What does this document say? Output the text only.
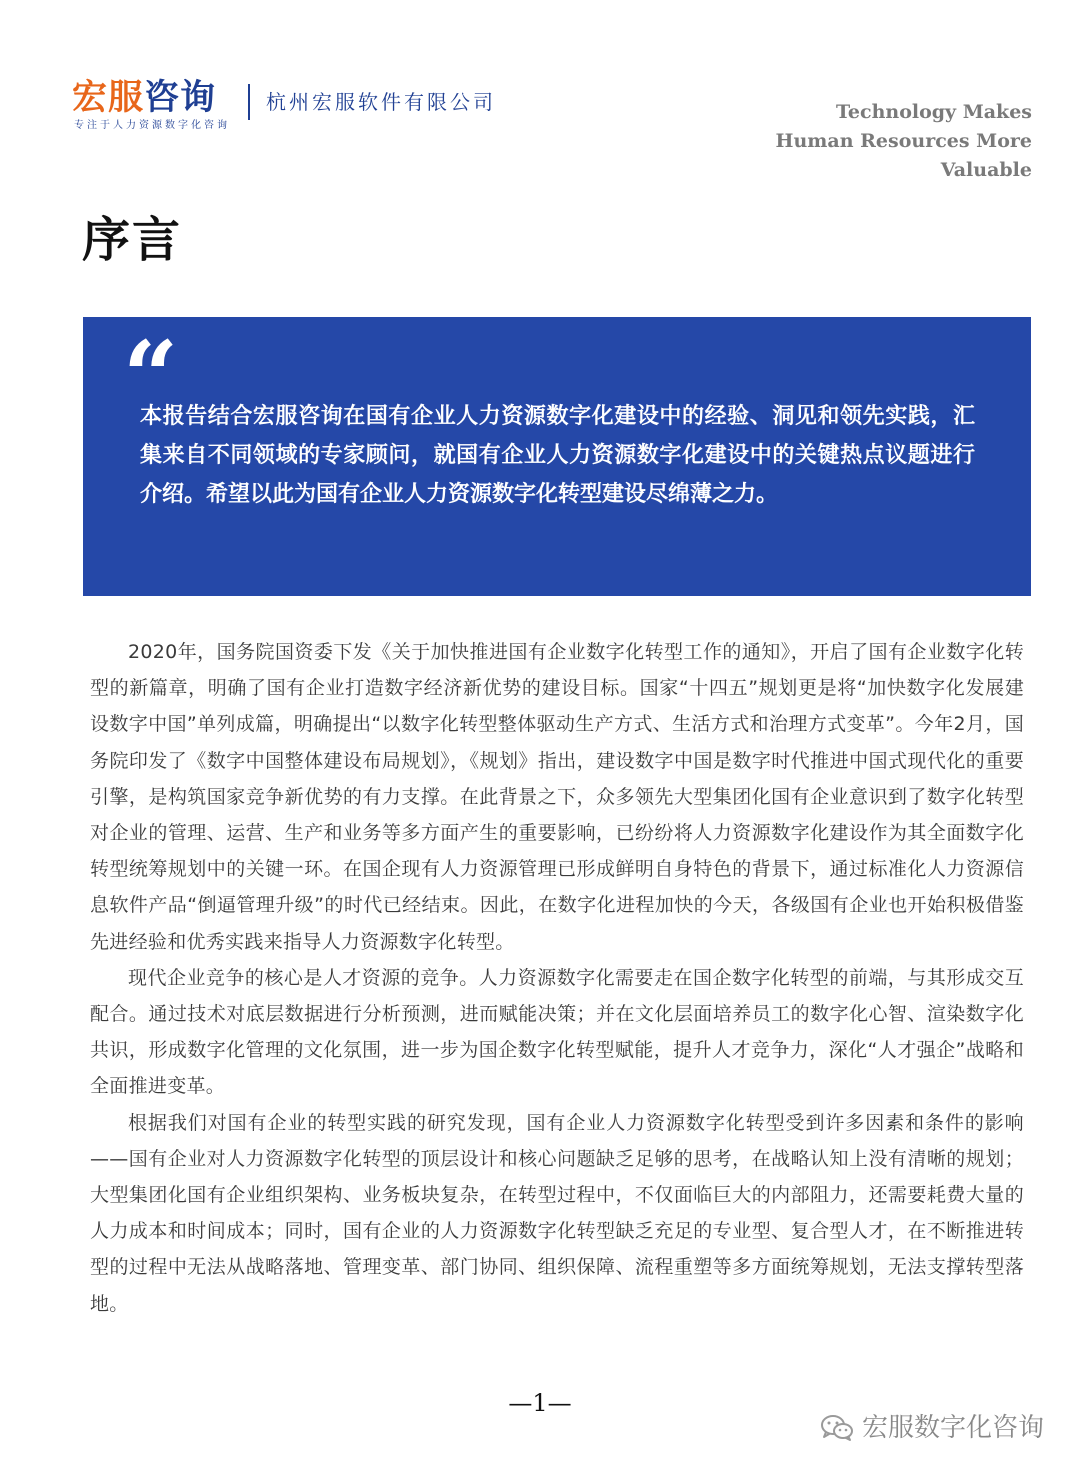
宏服咨询
专注于人力资源数字化咨询
杭州宏服软件有限公司	Technology Makes
Human Resources More
Valuable
序言
“
本报告结合宏服咨询在国有企业人力资源数字化建设中的经验、洞见和领先实践，汇集来自不同领域的专家顾问，就国有企业人力资源数字化建设中的关键热点议题进行介绍。希望以此为国有企业人力资源数字化转型建设尽绵薄之力。

2020年，国务院国资委下发《关于加快推进国有企业数字化转型工作的通知》，开启了国有企业数字化转型的新篇章，明确了国有企业打造数字经济新优势的建设目标。国家“十四五”规划更是将“加快数字化发展建设数字中国”单列成篇，明确提出“以数字化转型整体驱动生产方式、生活方式和治理方式变革”。今年2月，国务院印发了《数字中国整体建设布局规划》，《规划》指出，建设数字中国是数字时代推进中国式现代化的重要引擎，是构筑国家竞争新优势的有力支撑。在此背景之下，众多领先大型集团化国有企业意识到了数字化转型对企业的管理、运营、生产和业务等多方面产生的重要影响，已纷纷将人力资源数字化建设作为其全面数字化转型统筹规划中的关键一环。在国企现有人力资源管理已形成鲜明自身特色的背景下，通过标准化人力资源信息软件产品“倒逼管理升级”的时代已经结束。因此，在数字化进程加快的今天，各级国有企业也开始积极借鉴先进经验和优秀实践来指导人力资源数字化转型。

现代企业竞争的核心是人才资源的竞争。人力资源数字化需要走在国企数字化转型的前端，与其形成交互配合。通过技术对底层数据进行分析预测，进而赋能决策；并在文化层面培养员工的数字化心智、渲染数字化共识，形成数字化管理的文化氛围，进一步为国企数字化转型赋能，提升人才竞争力，深化“人才强企”战略和全面推进变革。

根据我们对国有企业的转型实践的研究发现，国有企业人力资源数字化转型受到许多因素和条件的影响——国有企业对人力资源数字化转型的顶层设计和核心问题缺乏足够的思考，在战略认知上没有清晰的规划；大型集团化国有企业组织架构、业务板块复杂，在转型过程中，不仅面临巨大的内部阻力，还需要耗费大量的人力成本和时间成本；同时，国有企业的人力资源数字化转型缺乏充足的专业型、复合型人才，在不断推进转型的过程中无法从战略落地、管理变革、部门协同、组织保障、流程重塑等多方面统筹规划，无法支撑转型落地。

—1—
宏服数字化咨询
